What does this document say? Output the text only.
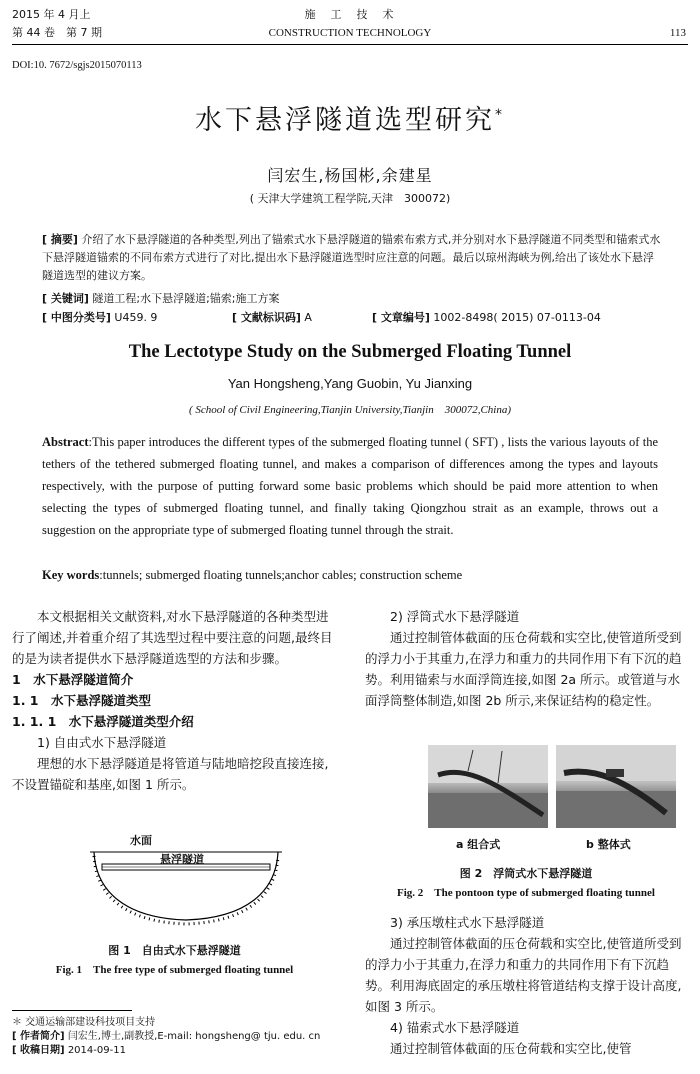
2015 年 4 月上
第 44 卷　第 7 期
施　工　技　术
CONSTRUCTION TECHNOLOGY	113
DOI:10. 7672/sgjs2015070113
水下悬浮隧道选型研究*
闫宏生,杨国彬,余建星
( 天津大学建筑工程学院,天津　300072)
[ 摘要] 介绍了水下悬浮隧道的各种类型,列出了锚索式水下悬浮隧道的锚索布索方式,并分别对水下悬浮隧道不同类型和锚索式水下悬浮隧道锚索的不同布索方式进行了对比,提出水下悬浮隧道选型时应注意的问题。最后以琼州海峡为例,给出了该处水下悬浮隧道选型的建议方案。
[ 关键词] 隧道工程;水下悬浮隧道;锚索;施工方案
[ 中图分类号] U459. 9	[ 文献标识码] A	[ 文章编号] 1002-8498( 2015) 07-0113-04
The Lectotype Study on the Submerged Floating Tunnel
Yan Hongsheng,Yang Guobin, Yu Jianxing
( School of Civil Engineering,Tianjin University,Tianjin　300072,China)
Abstract:This paper introduces the different types of the submerged floating tunnel ( SFT) , lists the various layouts of the tethers of the tethered submerged floating tunnel, and makes a comparison of differences among the types and layouts respectively, with the purpose of putting forward some basic problems which should be paid more attention to when selecting the types of submerged floating tunnel, and finally taking Qiongzhou strait as an example, throws out a suggestion on the appropriate type of submerged floating tunnel through the strait.
Key words:tunnels; submerged floating tunnels;anchor cables; construction scheme

本文根据相关文献资料,对水下悬浮隧道的各种类型进行了阐述,并着重介绍了其选型过程中要注意的问题,最终目的是为读者提供水下悬浮隧道选型的方法和步骤。

1　水下悬浮隧道简介

1. 1　水下悬浮隧道类型

1. 1. 1　水下悬浮隧道类型介绍

1) 自由式水下悬浮隧道

理想的水下悬浮隧道是将管道与陆地暗挖段直接连接,不设置锚碇和基座,如图 1 所示。

水面
悬浮隧道
图 1　自由式水下悬浮隧道
Fig. 1　The free type of submerged floating tunnel
＊ 交通运输部建设科技项目支持
[ 作者简介] 闫宏生,博士,副教授,E-mail: hongsheng@ tju. edu. cn
[ 收稿日期] 2014-09-11

2) 浮筒式水下悬浮隧道

通过控制管体截面的压仓荷载和实空比,使管道所受到的浮力小于其重力,在浮力和重力的共同作用下有下沉的趋势。利用锚索与水面浮筒连接,如图 2a 所示。或管道与水面浮筒整体制造,如图 2b 所示,来保证结构的稳定性。

a 组合式	b 整体式
图 2　浮筒式水下悬浮隧道
Fig. 2　The pontoon type of submerged floating tunnel

3) 承压墩柱式水下悬浮隧道

通过控制管体截面的压仓荷载和实空比,使管道所受到的浮力小于其重力,在浮力和重力的共同作用下有下沉趋势。利用海底固定的承压墩柱将管道结构支撑于设计高度,如图 3 所示。

4) 锚索式水下悬浮隧道

通过控制管体截面的压仓荷载和实空比,使管
